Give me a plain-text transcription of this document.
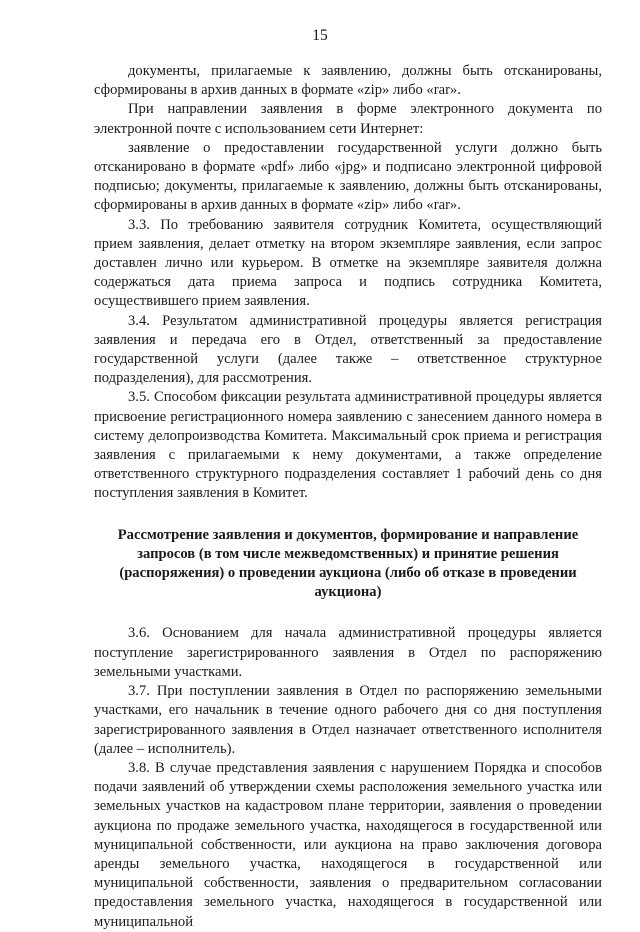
15

документы, прилагаемые к заявлению, должны быть отсканированы, сформированы в архив данных в формате «zip» либо «rar».

При направлении заявления в форме электронного документа по электронной почте с использованием сети Интернет:

заявление о предоставлении государственной услуги должно быть отсканировано в формате «pdf» либо «jpg» и подписано электронной цифровой подписью; документы, прилагаемые к заявлению, должны быть отсканированы, сформированы в архив данных в формате «zip» либо «rar».

3.3. По требованию заявителя сотрудник Комитета, осуществляющий прием заявления, делает отметку на втором экземпляре заявления, если запрос доставлен лично или курьером. В отметке на экземпляре заявителя должна содержаться дата приема запроса и подпись сотрудника Комитета, осуществившего прием заявления.

3.4. Результатом административной процедуры является регистрация заявления и передача его в Отдел, ответственный за предоставление государственной услуги (далее также – ответственное структурное подразделения), для рассмотрения.

3.5. Способом фиксации результата административной процедуры является присвоение регистрационного номера заявлению с занесением данного номера в систему делопроизводства Комитета. Максимальный срок приема и регистрация заявления с прилагаемыми к нему документами, а также определение ответственного структурного подразделения составляет 1 рабочий день со дня поступления заявления в Комитет.

Рассмотрение заявления и документов, формирование и направление запросов (в том числе межведомственных) и принятие решения (распоряжения) о проведении аукциона (либо об отказе в проведении аукциона)

3.6. Основанием для начала административной процедуры является поступление зарегистрированного заявления в Отдел по распоряжению земельными участками.

3.7. При поступлении заявления в Отдел по распоряжению земельными участками, его начальник в течение одного рабочего дня со дня поступления зарегистрированного заявления в Отдел назначает ответственного исполнителя (далее – исполнитель).

3.8. В случае представления заявления с нарушением Порядка и способов подачи заявлений об утверждении схемы расположения земельного участка или земельных участков на кадастровом плане территории, заявления о проведении аукциона по продаже земельного участка, находящегося в государственной или муниципальной собственности, или аукциона на право заключения договора аренды земельного участка, находящегося в государственной или муниципальной собственности, заявления о предварительном согласовании предоставления земельного участка, находящегося в государственной или муниципальной
